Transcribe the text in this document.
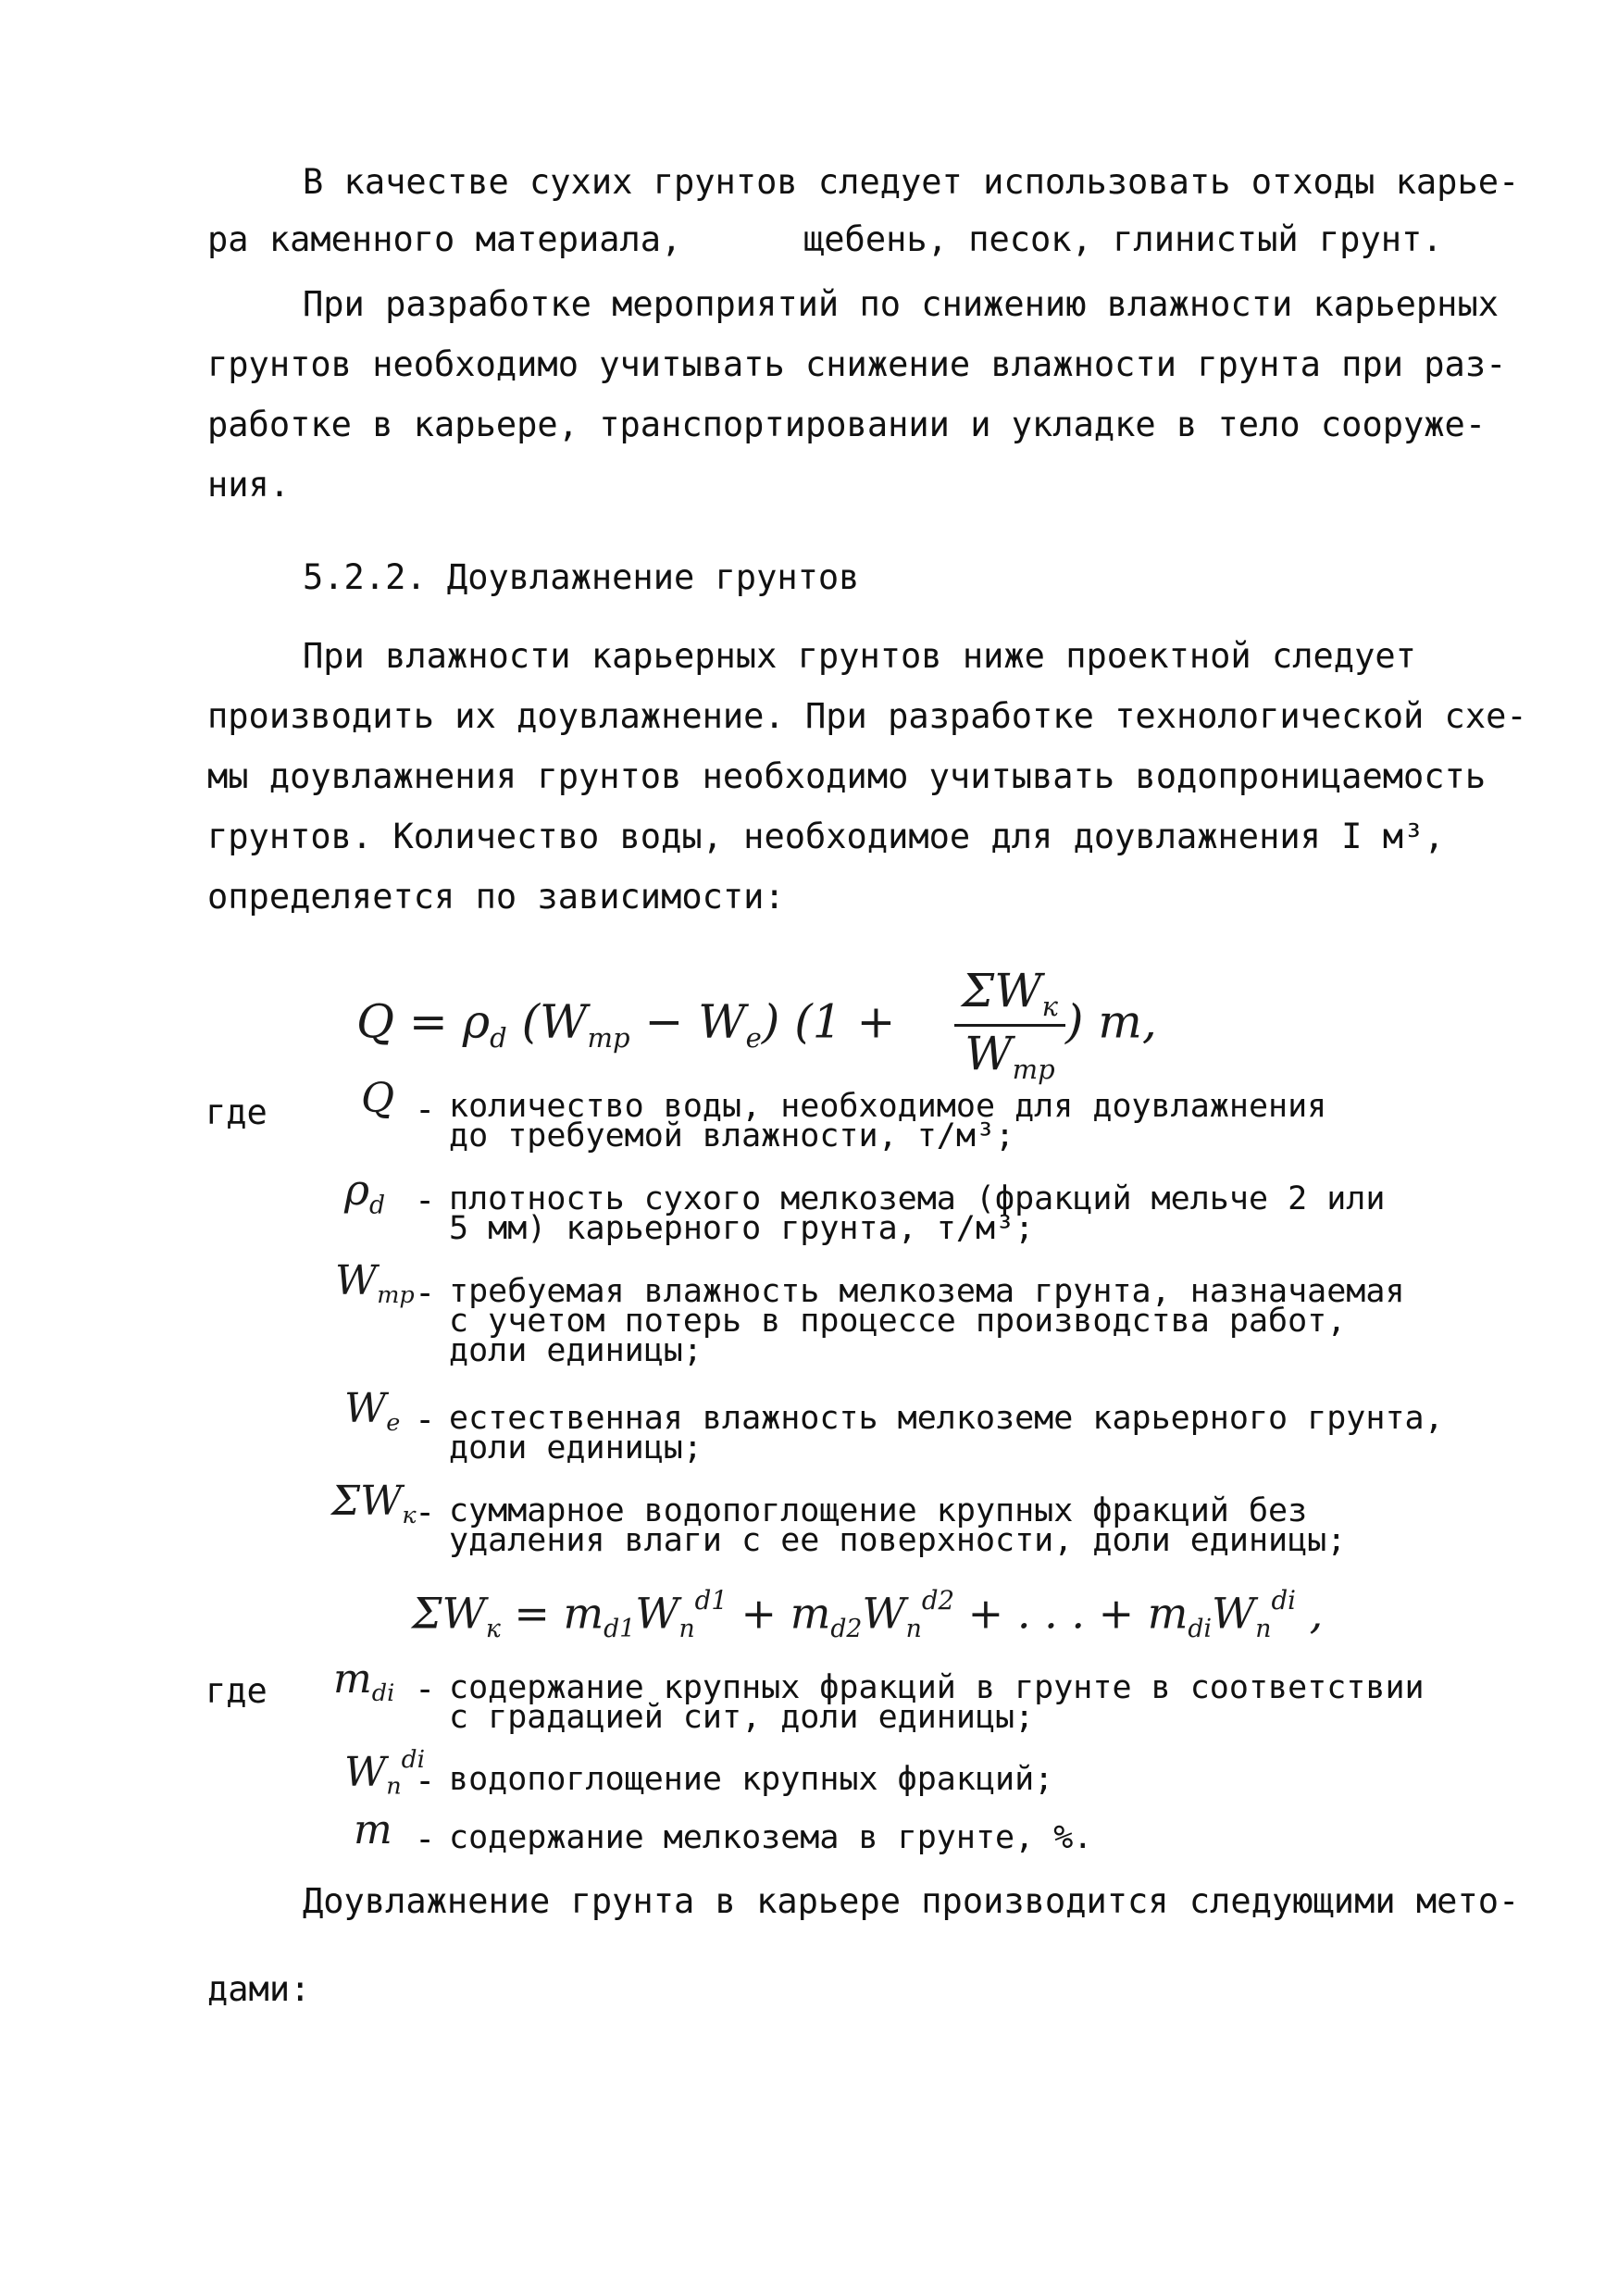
В качестве сухих грунтов следует использовать отходы карье-
ра каменного материала,	щебень, песок, глинистый грунт.
При разработке мероприятий по снижению влажности карьерных
грунтов необходимо учитывать снижение влажности грунта при раз-
работке в карьере, транспортировании и укладке в тело сооруже-
ния.
5.2.2. Доувлажнение грунтов
При влажности карьерных грунтов ниже проектной следует
производить их доувлажнение. При разработке технологической схе-
мы доувлажнения грунтов необходимо учитывать водопроницаемость
грунтов. Количество воды, необходимое для доувлажнения I м³,
определяется по зависимости:
$Q = \rho_d$ $(W_{тр} - W_e) (1 + \frac{\Sigma W_к}{W_{тр}}$ ) m,
где Q - количество воды, необходимое для доувлажнения
до требуемой влажности, т/м³;
$\rho_d$ - плотность сухого мелкозема (фракций мельче 2 или
5 мм) карьерного грунта, т/м³;
$W_{тр}$ - требуемая влажность мелкозема грунта, назначаемая
с учетом потерь в процессе производства работ,
доли единицы;
$W_e$ - естественная влажность мелкоземе карьерного грунта,
доли единицы;
$\Sigma W_к$
- суммарное водопоглощение крупных фракций без
удаления влаги с ее поверхности, доли единицы;
$\Sigma W_к = m_{d1}W_n^{d1} + m_{d2}W_n^{d2}$ + . . . + $m_{di}W_n^{di}$ ,
где $m_{di}$ - содержание крупных фракций в грунте в соответствии
с градацией сит, доли единицы;
$W_n^{di}$
- водопоглощение крупных фракций;
m - содержание мелкозема в грунте, %.
Доувлажнение грунта в карьере производится следующими мето-
дами:
